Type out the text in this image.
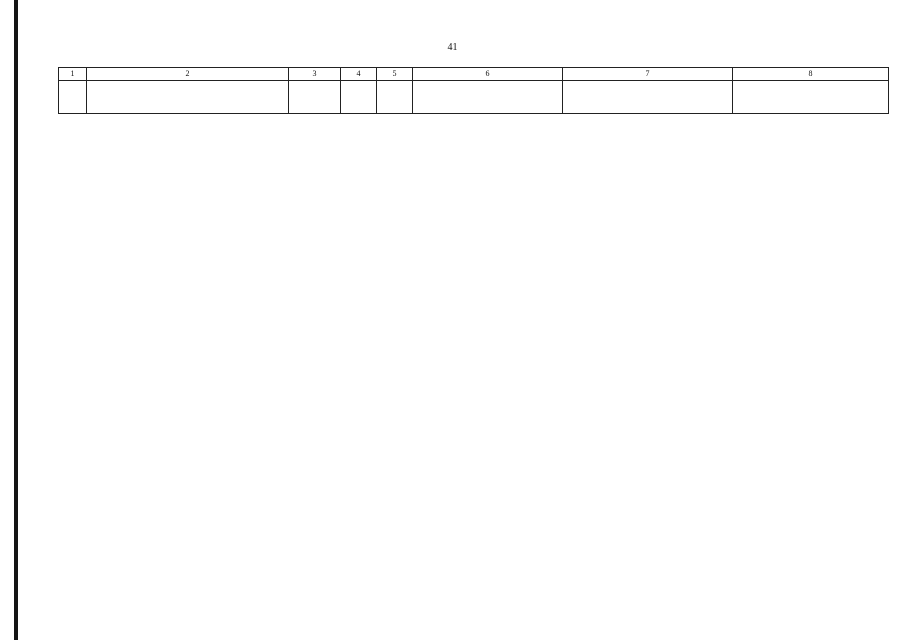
41
1	2	3	4	5	6	7	8
